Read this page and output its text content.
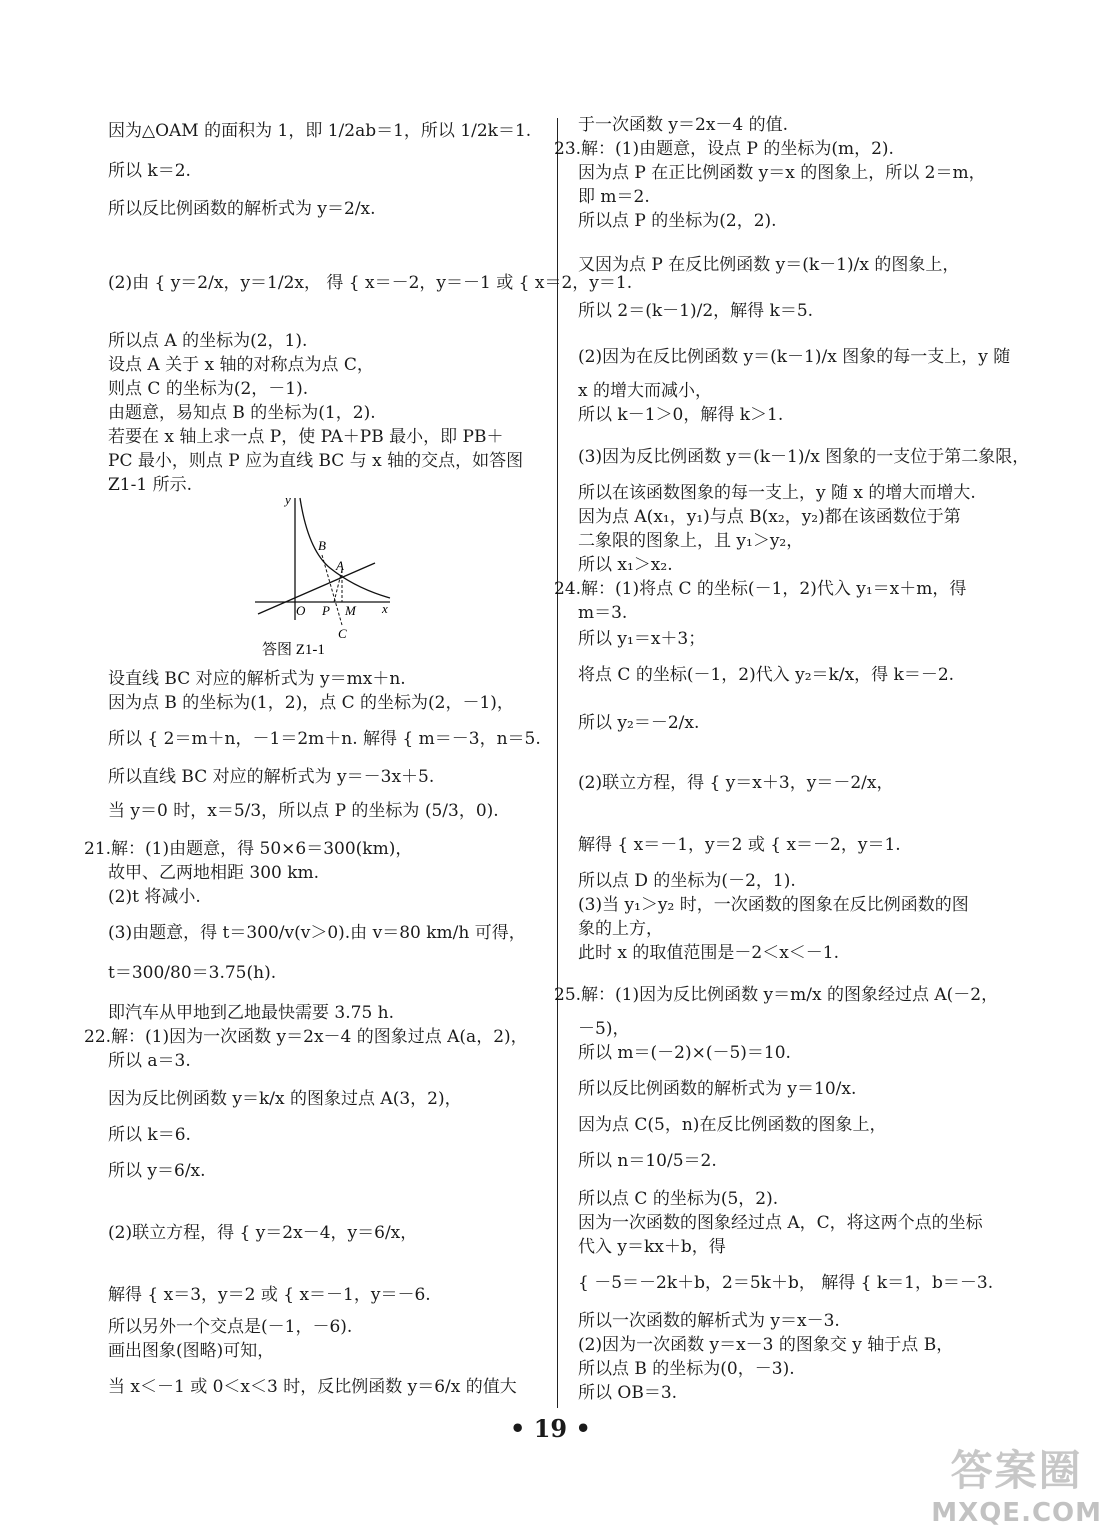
因为△OAM 的面积为 1，即 1/2ab＝1，所以 1/2k＝1.
所以 k＝2.
所以反比例函数的解析式为 y＝2/x.
(2)由 { y＝2/x，y＝1/2x， 得 { x＝－2，y＝－1 或 { x＝2，y＝1.
所以点 A 的坐标为(2，1).
设点 A 关于 x 轴的对称点为点 C，
则点 C 的坐标为(2，－1).
由题意，易知点 B 的坐标为(1，2).
若要在 x 轴上求一点 P，使 PA＋PB 最小，即 PB＋
PC 最小，则点 P 应为直线 BC 与 x 轴的交点，如答图
Z1-1 所示.
设直线 BC 对应的解析式为 y＝mx＋n.
因为点 B 的坐标为(1，2)，点 C 的坐标为(2，－1)，
所以 { 2＝m＋n，－1＝2m＋n. 解得 { m＝－3，n＝5.
所以直线 BC 对应的解析式为 y＝－3x＋5.
当 y＝0 时，x＝5/3，所以点 P 的坐标为 (5/3，0).
21.解：(1)由题意，得 50×6＝300(km)，
故甲、乙两地相距 300 km.
(2)t 将减小.
(3)由题意，得 t＝300/v(v＞0).由 v＝80 km/h 可得，
t＝300/80＝3.75(h).
即汽车从甲地到乙地最快需要 3.75 h.
22.解：(1)因为一次函数 y＝2x－4 的图象过点 A(a，2)，
所以 a＝3.
因为反比例函数 y＝k/x 的图象过点 A(3，2)，
所以 k＝6.
所以 y＝6/x.
(2)联立方程，得 { y＝2x－4，y＝6/x，
解得 { x＝3，y＝2 或 { x＝－1，y＝－6.
所以另外一个交点是(－1，－6).
画出图象(图略)可知，
当 x＜－1 或 0＜x＜3 时，反比例函数 y＝6/x 的值大
于一次函数 y＝2x－4 的值.
23.解：(1)由题意，设点 P 的坐标为(m，2).
因为点 P 在正比例函数 y＝x 的图象上，所以 2＝m，
即 m＝2.
所以点 P 的坐标为(2，2).
又因为点 P 在反比例函数 y＝(k－1)/x 的图象上，
所以 2＝(k－1)/2，解得 k＝5.
(2)因为在反比例函数 y＝(k－1)/x 图象的每一支上，y 随
x 的增大而减小，
所以 k－1＞0，解得 k＞1.
(3)因为反比例函数 y＝(k－1)/x 图象的一支位于第二象限，
所以在该函数图象的每一支上，y 随 x 的增大而增大.
因为点 A(x₁，y₁)与点 B(x₂，y₂)都在该函数位于第
二象限的图象上，且 y₁＞y₂，
所以 x₁＞x₂.
24.解：(1)将点 C 的坐标(－1，2)代入 y₁＝x＋m，得
m＝3.
所以 y₁＝x＋3；
将点 C 的坐标(－1，2)代入 y₂＝k/x，得 k＝－2.
所以 y₂＝－2/x.
(2)联立方程，得 { y＝x＋3，y＝－2/x，
解得 { x＝－1，y＝2 或 { x＝－2，y＝1.
所以点 D 的坐标为(－2，1).
(3)当 y₁＞y₂ 时，一次函数的图象在反比例函数的图
象的上方，
此时 x 的取值范围是－2＜x＜－1.
25.解：(1)因为反比例函数 y＝m/x 的图象经过点 A(－2，
－5)，
所以 m＝(－2)×(－5)＝10.
所以反比例函数的解析式为 y＝10/x.
因为点 C(5，n)在反比例函数的图象上，
所以 n＝10/5＝2.
所以点 C 的坐标为(5，2).
因为一次函数的图象经过点 A，C，将这两个点的坐标
代入 y＝kx＋b，得
{ －5＝－2k＋b，2＝5k＋b， 解得 { k＝1，b＝－3.
所以一次函数的解析式为 y＝x－3.
(2)因为一次函数 y＝x－3 的图象交 y 轴于点 B，
所以点 B 的坐标为(0，－3).
所以 OB＝3.
y
x
O
B
A
P M
C
答图 Z1-1
• 19 •
答案圈
MXQE.COM
